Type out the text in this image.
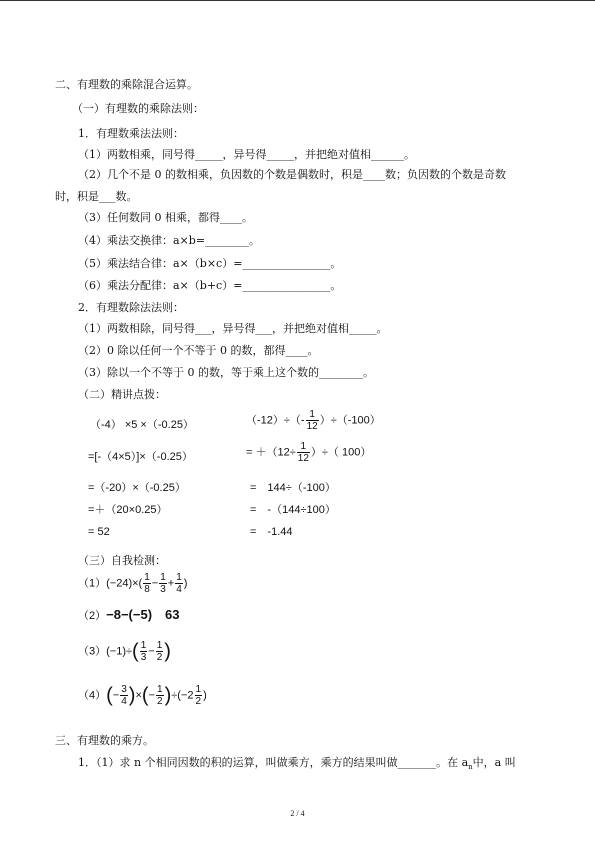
二、有理数的乘除混合运算。
（一）有理数的乘除法则：
1．有理数乘法法则：
（1）两数相乘，同号得_____，异号得_____，并把绝对值相______。
（2）几个不是 0 的数相乘，负因数的个数是偶数时，积是____数；负因数的个数是奇数
时，积是___数。
（3）任何数同 0 相乘，都得____。
（4）乘法交换律：a×b=________。
（5）乘法结合律：a×（b×c）=________________。
（6）乘法分配律：a×（b+c）=________________。
2．有理数除法法则：
（1）两数相除，同号得___，异号得___，并把绝对值相_____。
（2）0 除以任何一个不等于 0 的数，都得____。
（3）除以一个不等于 0 的数，等于乘上这个数的________。
（二）精讲点拨：
（-4） ×5 ×（-0.25）
=[-（4×5）]×（-0.25）
=（-20）×（-0.25）
=＋（20×0.25）
= 52
$(-12)\div(- \frac{1}{12} )\div(-100)$
= $+(12\div \frac{1}{12}$ ）÷（ 100）
=　144÷（-100）
=　-（144÷100）
=　-1.44
（三）自我检测：
$(1)(-24)\times( \frac{1}{8} - \frac{1}{3} + \frac{1}{4}$ )
（2）−8−(−5)　63
$(3)(-1)\div( \frac{1}{3} - \frac{1}{2}$ )
$(4)(- \frac{3}{4}$ )×(− $\frac{1}{2} )\div(-2 \frac{1}{2}$ )
三、有理数的乘方。
1．（1）求 n 个相同因数的积的运算，叫做乘方，乘方的结果叫做_______。在 $a_n$中，a 叫
2 / 4
